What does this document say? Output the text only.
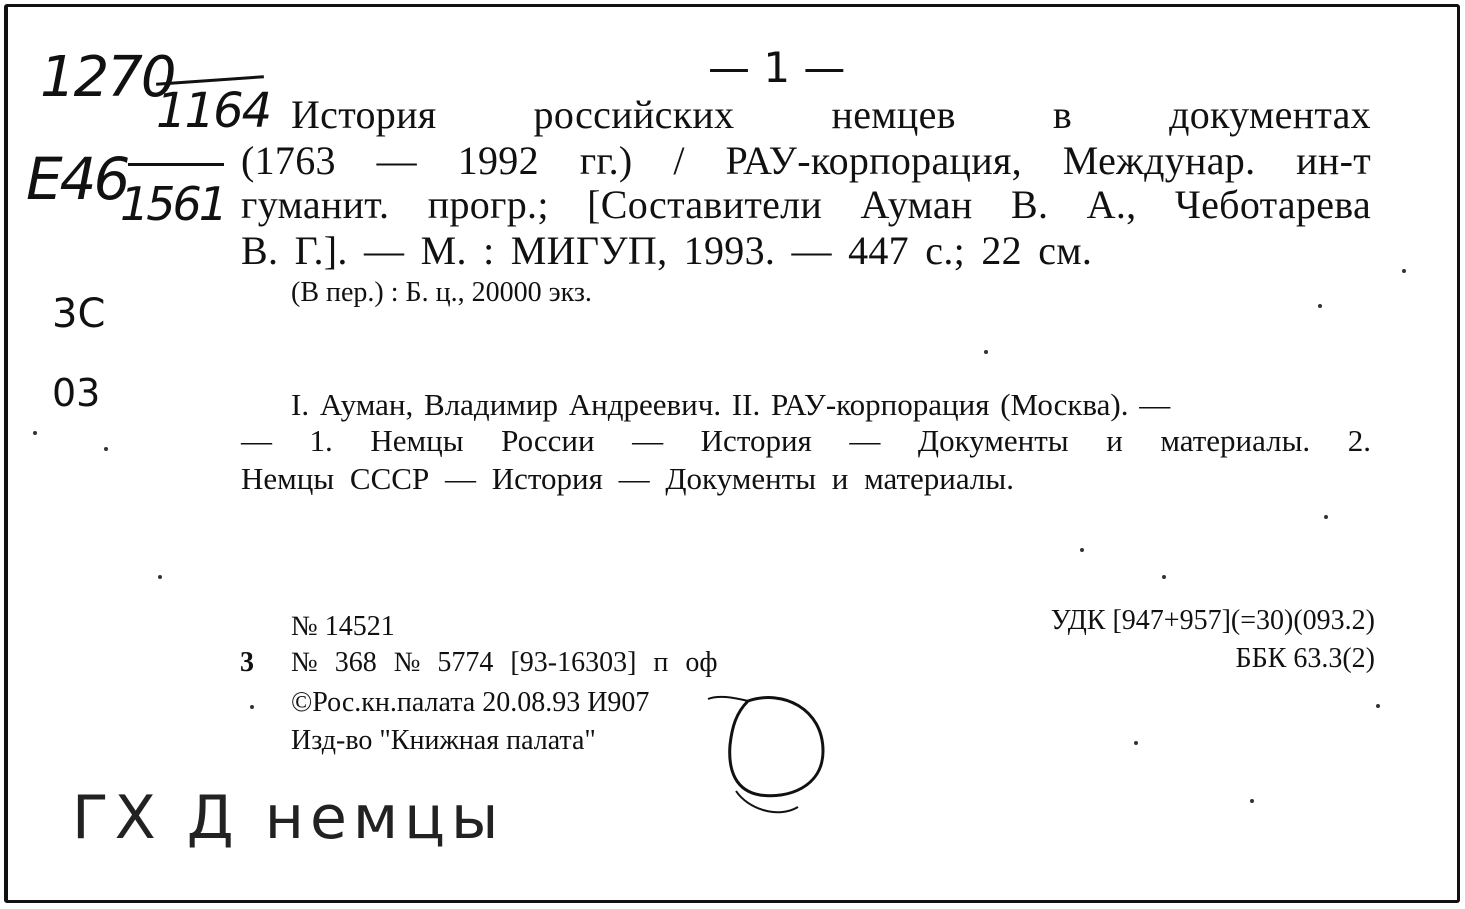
1270
1164
E46
1561
— 1 —
3С
03
История российских немцев в документах
(1763 — 1992 гг.) / РАУ-корпорация, Междунар. ин-т
гуманит. прогр.; [Составители Ауман В. А., Чеботарева
В. Г.]. — М. : МИГУП, 1993. — 447 с.; 22 см.
(В пер.) : Б. ц., 20000 экз.
I. Ауман, Владимир Андреевич. II. РАУ-корпорация (Москва). —
— 1. Немцы России — История — Документы и материалы. 2.
Немцы СССР — История — Документы и материалы.
№ 14521
3 № 368 № 5774 [93-16303] п оф
©Рос.кн.палата 20.08.93 И907
Изд-во "Книжная палата"
УДК [947+957](=30)(093.2)
ББК 63.3(2)
ГХ Д немцы
